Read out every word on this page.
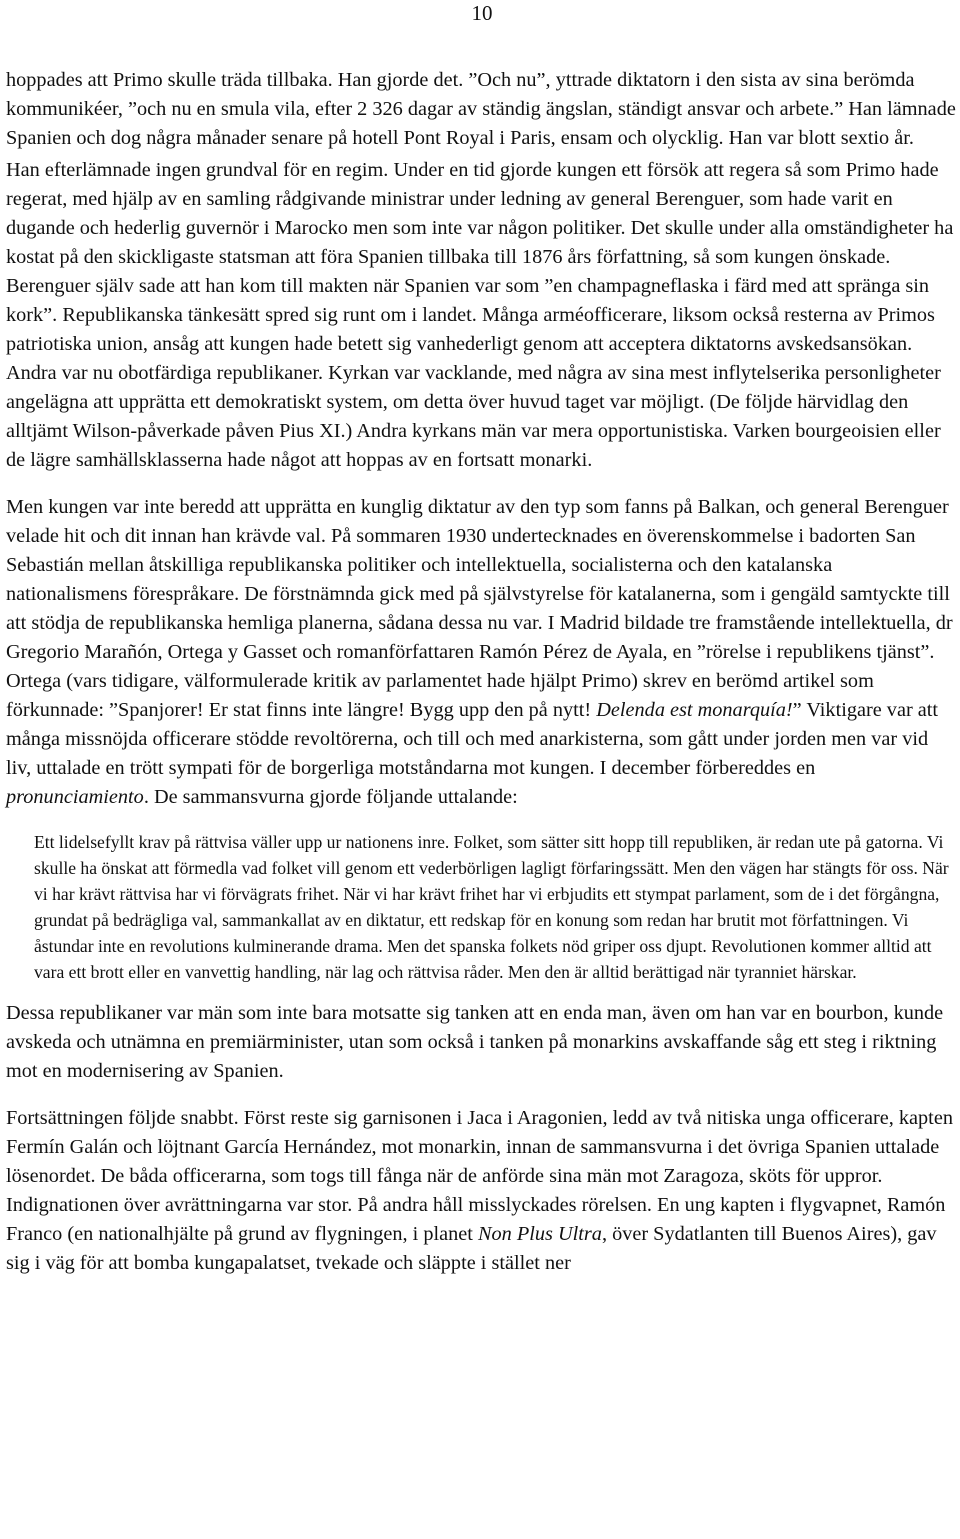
10

hoppades att Primo skulle träda tillbaka. Han gjorde det. ”Och nu”, yttrade diktatorn i den sista av sina berömda kommunikéer, ”och nu en smula vila, efter 2 326 dagar av ständig ängslan, ständigt ansvar och arbete.” Han lämnade Spanien och dog några månader senare på hotell Pont Royal i Paris, ensam och olycklig. Han var blott sextio år.

Han efterlämnade ingen grundval för en regim. Under en tid gjorde kungen ett försök att regera så som Primo hade regerat, med hjälp av en samling rådgivande ministrar under ledning av general Berenguer, som hade varit en dugande och hederlig guvernör i Marocko men som inte var någon politiker. Det skulle under alla omständigheter ha kostat på den skickligaste statsman att föra Spanien tillbaka till 1876 års författning, så som kungen önskade. Berenguer själv sade att han kom till makten när Spanien var som ”en champagneflaska i färd med att spränga sin kork”. Republikanska tänkesätt spred sig runt om i landet. Många arméofficerare, liksom också resterna av Primos patriotiska union, ansåg att kungen hade betett sig vanhederligt genom att acceptera diktatorns avskedsansökan. Andra var nu obotfärdiga republikaner. Kyrkan var vacklande, med några av sina mest inflytelserika personligheter angelägna att upprätta ett demokratiskt system, om detta över huvud taget var möjligt. (De följde härvidlag den alltjämt Wilson-påverkade påven Pius XI.) Andra kyrkans män var mera opportunistiska. Varken bourgeoisien eller de lägre samhällsklasserna hade något att hoppas av en fortsatt monarki.

Men kungen var inte beredd att upprätta en kunglig diktatur av den typ som fanns på Balkan, och general Berenguer velade hit och dit innan han krävde val. På sommaren 1930 undertecknades en överenskommelse i badorten San Sebastián mellan åtskilliga republikanska politiker och intellektuella, socialisterna och den katalanska nationalismens förespråkare. De förstnämnda gick med på självstyrelse för katalanerna, som i gengäld samtyckte till att stödja de republikanska hemliga planerna, sådana dessa nu var. I Madrid bildade tre framstående intellektuella, dr Gregorio Marañón, Ortega y Gasset och romanförfattaren Ramón Pérez de Ayala, en ”rörelse i republikens tjänst”. Ortega (vars tidigare, välformulerade kritik av parlamentet hade hjälpt Primo) skrev en berömd artikel som förkunnade: ”Spanjorer! Er stat finns inte längre! Bygg upp den på nytt! Delenda est monarquía!” Viktigare var att många missnöjda officerare stödde revoltörerna, och till och med anarkisterna, som gått under jorden men var vid liv, uttalade en trött sympati för de borgerliga motståndarna mot kungen. I december förbereddes en pronunciamiento. De sammansvurna gjorde följande uttalande:

Ett lidelsefyllt krav på rättvisa väller upp ur nationens inre. Folket, som sätter sitt hopp till republiken, är redan ute på gatorna. Vi skulle ha önskat att förmedla vad folket vill genom ett vederbörligen lagligt förfaringssätt. Men den vägen har stängts för oss. När vi har krävt rättvisa har vi förvägrats frihet. När vi har krävt frihet har vi erbjudits ett stympat parlament, som de i det förgångna, grundat på bedrägliga val, sammankallat av en diktatur, ett redskap för en konung som redan har brutit mot författningen. Vi åstundar inte en revolutions kulminerande drama. Men det spanska folkets nöd griper oss djupt. Revolutionen kommer alltid att vara ett brott eller en vanvettig handling, när lag och rättvisa råder. Men den är alltid berättigad när tyranniet härskar.

Dessa republikaner var män som inte bara motsatte sig tanken att en enda man, även om han var en bourbon, kunde avskeda och utnämna en premiärminister, utan som också i tanken på monarkins avskaffande såg ett steg i riktning mot en modernisering av Spanien.

Fortsättningen följde snabbt. Först reste sig garnisonen i Jaca i Aragonien, ledd av två nitiska unga officerare, kapten Fermín Galán och löjtnant García Hernández, mot monarkin, innan de sammansvurna i det övriga Spanien uttalade lösenordet. De båda officerarna, som togs till fånga när de anförde sina män mot Zaragoza, sköts för uppror. Indignationen över avrättningarna var stor. På andra håll misslyckades rörelsen. En ung kapten i flygvapnet, Ramón Franco (en nationalhjälte på grund av flygningen, i planet Non Plus Ultra, över Sydatlanten till Buenos Aires), gav sig i väg för att bomba kungapalatset, tvekade och släppte i stället ner
